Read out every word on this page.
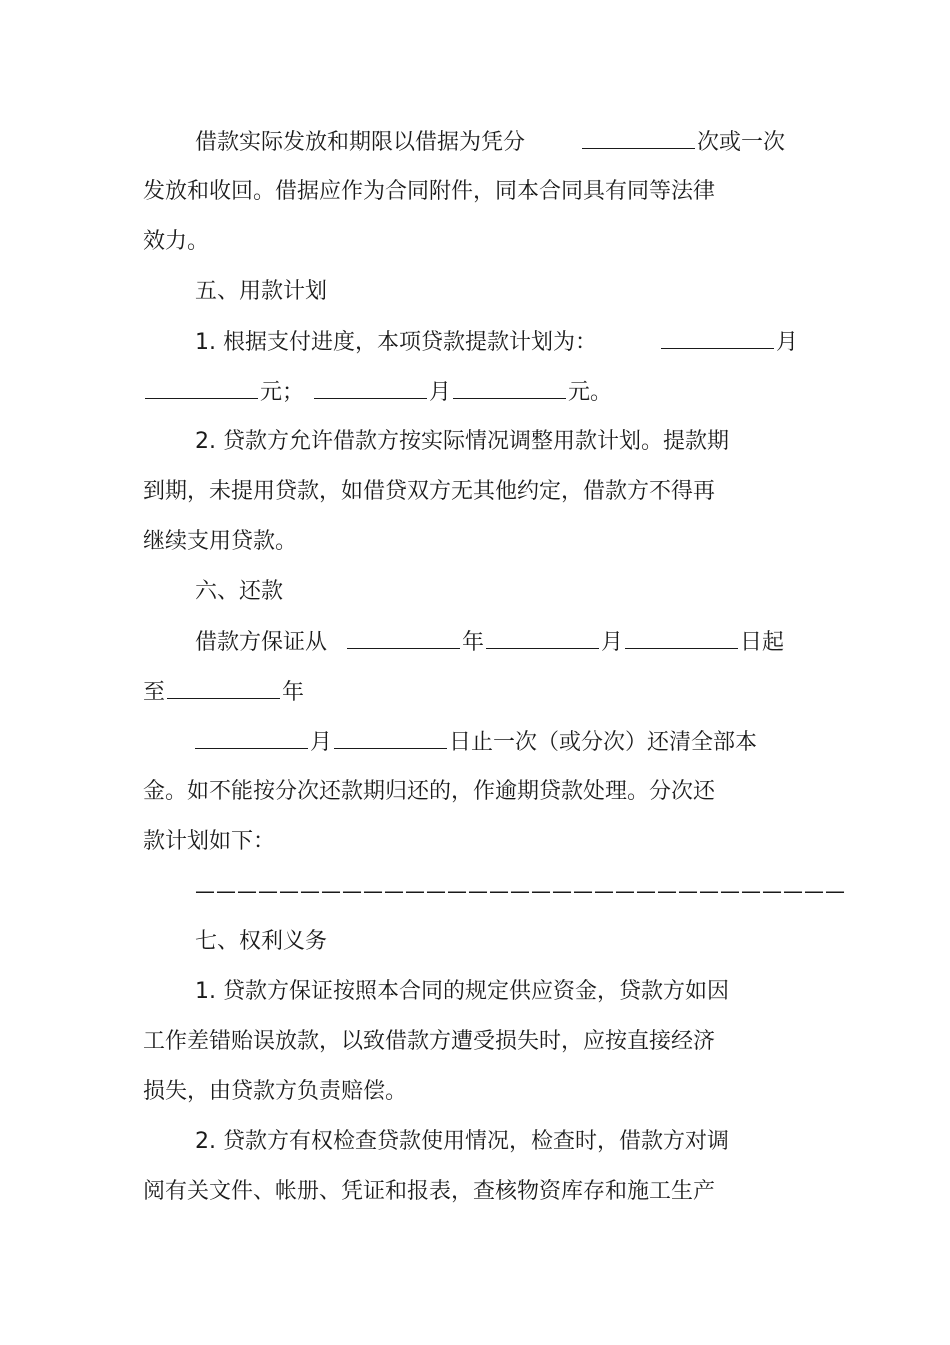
借款实际发放和期限以借据为凭分	次或一次
发放和收回。借据应作为合同附件，同本合同具有同等法律
效力。
五、用款计划
1. 根据支付进度，本项贷款提款计划为：	月
元；	月	元。
2. 贷款方允许借款方按实际情况调整用款计划。提款期
到期，未提用贷款，如借贷双方无其他约定，借款方不得再
继续支用贷款。
六、还款
借款方保证从	年	月	日起
至	年
月	日止一次（或分次）还清全部本
金。如不能按分次还款期归还的，作逾期贷款处理。分次还
款计划如下：
———————————————————————————————
七、权利义务
1. 贷款方保证按照本合同的规定供应资金，贷款方如因
工作差错贻误放款，以致借款方遭受损失时，应按直接经济
损失，由贷款方负责赔偿。
2. 贷款方有权检查贷款使用情况，检查时，借款方对调
阅有关文件、帐册、凭证和报表，查核物资库存和施工生产
